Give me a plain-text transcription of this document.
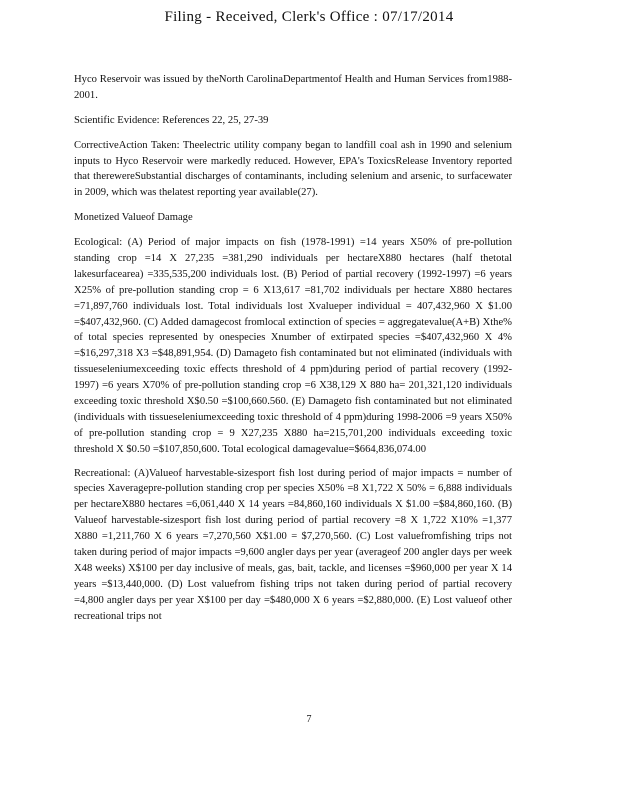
Filing - Received, Clerk's Office : 07/17/2014

Hyco Reservoir was issued by theNorth CarolinaDepartmentof Health and Human Services from1988-2001.

Scientific Evidence: References 22, 25, 27-39

CorrectiveAction Taken: Theelectric utility company began to landfill coal ash in 1990 and selenium inputs to Hyco Reservoir were markedly reduced. However, EPA's ToxicsRelease Inventory reported that therewereSubstantial discharges of contaminants, including selenium and arsenic, to surfacewater in 2009, which was thelatest reporting year available(27).

Monetized Valueof Damage

Ecological: (A) Period of major impacts on fish (1978-1991) =14 years X50% of pre-pollution standing crop =14 X 27,235 =381,290 individuals per hectareX880 hectares (half thetotal lakesurfacearea) =335,535,200 individuals lost. (B) Period of partial recovery (1992-1997) =6 years X25% of pre-pollution standing crop = 6 X13,617 =81,702 individuals per hectare X880 hectares =71,897,760 individuals lost. Total individuals lost Xvalueper individual = 407,432,960 X $1.00 =$407,432,960. (C) Added damagecost fromlocal extinction of species = aggregatevalue(A+B) Xthe% of total species represented by onespecies Xnumber of extirpated species =$407,432,960 X 4% =$16,297,318 X3 =$48,891,954. (D) Damageto fish contaminated but not eliminated (individuals with tissueseleniumexceeding toxic effects threshold of 4 ppm)during period of partial recovery (1992-1997) =6 years X70% of pre-pollution standing crop =6 X38,129 X 880 ha= 201,321,120 individuals exceeding toxic threshold X$0.50 =$100,660.560. (E) Damageto fish contaminated but not eliminated (individuals with tissueseleniumexceeding toxic threshold of 4 ppm)during 1998-2006 =9 years X50% of pre-pollution standing crop = 9 X27,235 X880 ha=215,701,200 individuals exceeding toxic threshold X $0.50 =$107,850,600. Total ecological damagevalue=$664,836,074.00

Recreational: (A)Valueof harvestable-sizesport fish lost during period of major impacts = number of species Xaveragepre-pollution standing crop per species X50% =8 X1,722 X 50% = 6,888 individuals per hectareX880 hectares =6,061,440 X 14 years =84,860,160 individuals X $1.00 =$84,860,160. (B) Valueof harvestable-sizesport fish lost during period of partial recovery =8 X 1,722 X10% =1,377 X880 =1,211,760 X 6 years =7,270,560 X$1.00 = $7,270,560. (C) Lost valuefromfishing trips not taken during period of major impacts =9,600 angler days per year (averageof 200 angler days per week X48 weeks) X$100 per day inclusive of meals, gas, bait, tackle, and licenses =$960,000 per year X 14 years =$13,440,000. (D) Lost valuefrom fishing trips not taken during period of partial recovery =4,800 angler days per year X$100 per day =$480,000 X 6 years =$2,880,000. (E) Lost valueof other recreational trips not

7
